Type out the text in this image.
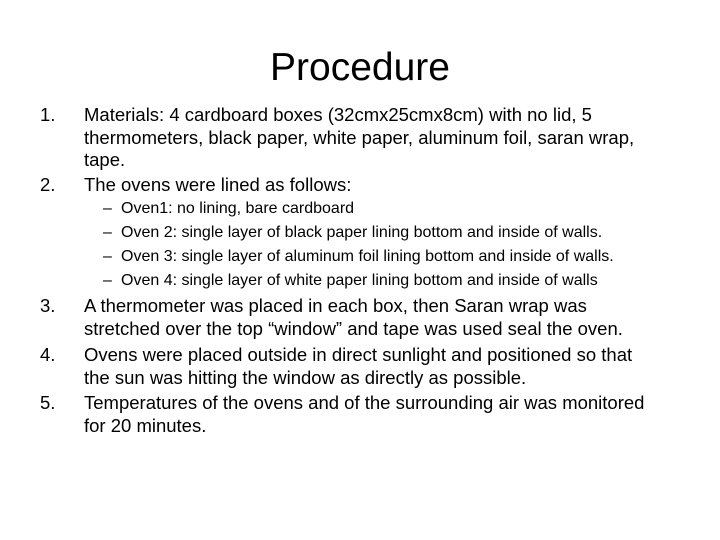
Procedure
1.	Materials: 4 cardboard boxes (32cmx25cmx8cm) with no lid, 5
thermometers, black paper, white paper, aluminum foil, saran wrap,
tape.
2.	The ovens were lined as follows:
– Oven1: no lining, bare cardboard
– Oven 2: single layer of black paper lining bottom and inside of walls.
– Oven 3: single layer of aluminum foil lining bottom and inside of walls.
– Oven 4: single layer of white paper lining bottom and inside of walls
3.	A thermometer was placed in each box, then Saran wrap was
stretched over the top “window” and tape was used seal the oven.
4.	Ovens were placed outside in direct sunlight and positioned so that
the sun was hitting the window as directly as possible.
5.	Temperatures of the ovens and of the surrounding air was monitored
for 20 minutes.
